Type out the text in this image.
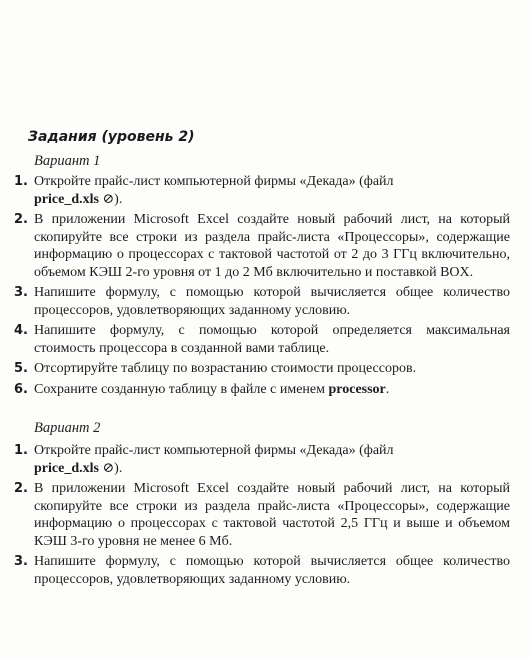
Задания (уровень 2)
Вариант 1
1. Откройте прайс-лист компьютерной фирмы «Декада» (файл
price_d.xls ⊘).
2. В приложении Microsoft Excel создайте новый рабочий лист, на который скопируйте все строки из раздела прайс-листа «Процессоры», содержащие информацию о процессорах с тактовой частотой от 2 до 3 ГГц включительно, объемом КЭШ 2-го уровня от 1 до 2 Мб включительно и поставкой BOX.
3. Напишите формулу, с помощью которой вычисляется общее количество процессоров, удовлетворяющих заданному условию.
4. Напишите формулу, с помощью которой определяется максимальная стоимость процессора в созданной вами таблице.
5. Отсортируйте таблицу по возрастанию стоимости процессоров.
6. Сохраните созданную таблицу в файле с именем processor.
Вариант 2
1. Откройте прайс-лист компьютерной фирмы «Декада» (файл
price_d.xls ⊘).
2. В приложении Microsoft Excel создайте новый рабочий лист, на который скопируйте все строки из раздела прайс-листа «Процессоры», содержащие информацию о процессорах с тактовой частотой 2,5 ГГц и выше и объемом КЭШ 3-го уровня не менее 6 Мб.
3. Напишите формулу, с помощью которой вычисляется общее количество процессоров, удовлетворяющих заданному условию.
